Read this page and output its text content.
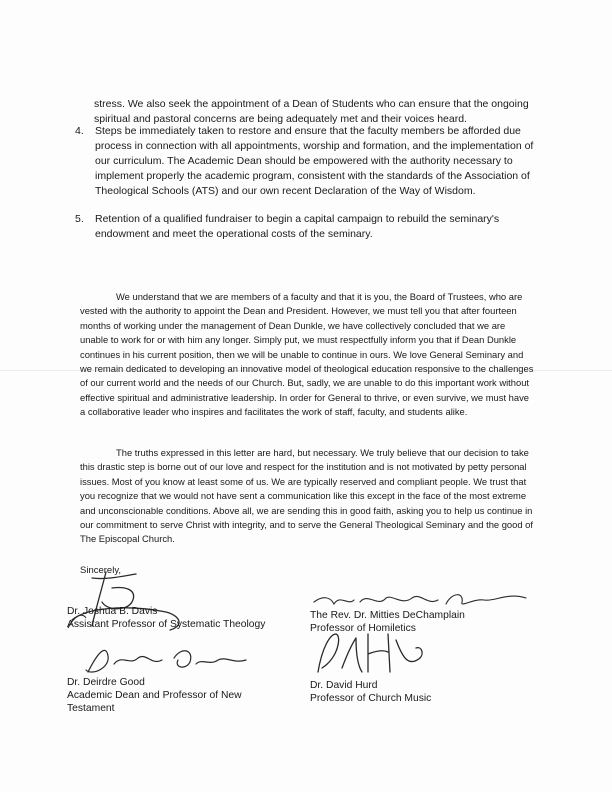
stress. We also seek the appointment of a Dean of Students who can ensure that the ongoing spiritual and pastoral concerns are being adequately met and their voices heard.
4. Steps be immediately taken to restore and ensure that the faculty members be afforded due process in connection with all appointments, worship and formation, and the implementation of our curriculum. The Academic Dean should be empowered with the authority necessary to implement properly the academic program, consistent with the standards of the Association of Theological Schools (ATS) and our own recent Declaration of the Way of Wisdom.
5. Retention of a qualified fundraiser to begin a capital campaign to rebuild the seminary's endowment and meet the operational costs of the seminary.

We understand that we are members of a faculty and that it is you, the Board of Trustees, who are vested with the authority to appoint the Dean and President. However, we must tell you that after fourteen months of working under the management of Dean Dunkle, we have collectively concluded that we are unable to work for or with him any longer. Simply put, we must respectfully inform you that if Dean Dunkle continues in his current position, then we will be unable to continue in ours. We love General Seminary and we remain dedicated to developing an innovative model of theological education responsive to the challenges of our current world and the needs of our Church. But, sadly, we are unable to do this important work without effective spiritual and administrative leadership. In order for General to thrive, or even survive, we must have a collaborative leader who inspires and facilitates the work of staff, faculty, and students alike.

The truths expressed in this letter are hard, but necessary. We truly believe that our decision to take this drastic step is borne out of our love and respect for the institution and is not motivated by petty personal issues. Most of you know at least some of us. We are typically reserved and compliant people. We trust that you recognize that we would not have sent a communication like this except in the face of the most extreme and unconscionable conditions. Above all, we are sending this in good faith, asking you to help us continue in our commitment to serve Christ with integrity, and to serve the General Theological Seminary and the good of The Episcopal Church.

Sincerely,
Dr. Joshua B. Davis
Assistant Professor of Systematic Theology
The Rev. Dr. Mitties DeChamplain
Professor of Homiletics
Dr. Deirdre Good
Academic Dean and Professor of New
Testament
Dr. David Hurd
Professor of Church Music
